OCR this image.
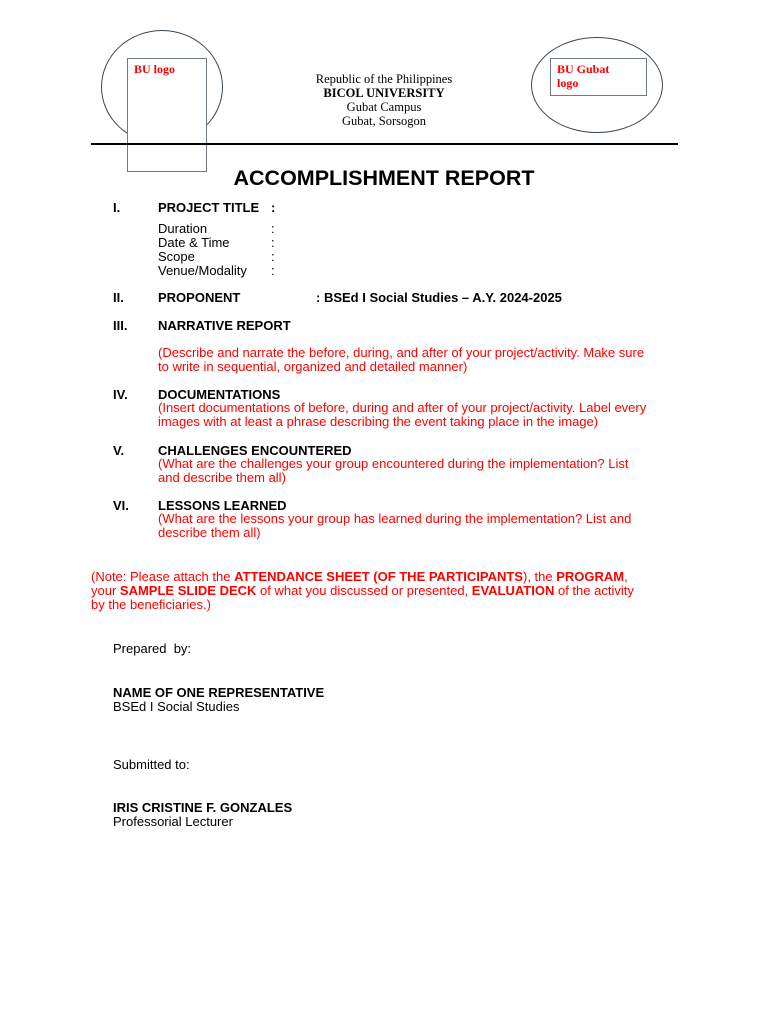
BU logo	BU Gubat logo
Republic of the Philippines
BICOL UNIVERSITY
Gubat Campus
Gubat, Sorsogon
ACCOMPLISHMENT REPORT
I.	PROJECT TITLE :
Duration	:
Date & Time	:
Scope	:
Venue/Modality :
II.	PROPONENT	: BSEd I Social Studies – A.Y. 2024-2025
III. NARRATIVE REPORT
(Describe and narrate the before, during, and after of your project/activity. Make sure
to write in sequential, organized and detailed manner)
IV. DOCUMENTATIONS
(Insert documentations of before, during and after of your project/activity. Label every
images with at least a phrase describing the event taking place in the image)
V.	CHALLENGES ENCOUNTERED
(What are the challenges your group encountered during the implementation? List
and describe them all)
VI. LESSONS LEARNED
(What are the lessons your group has learned during the implementation? List and
describe them all)
(Note: Please attach the ATTENDANCE SHEET (OF THE PARTICIPANTS), the PROGRAM,
your SAMPLE SLIDE DECK of what you discussed or presented, EVALUATION of the activity
by the beneficiaries.)
Prepared  by:
NAME OF ONE REPRESENTATIVE
BSEd I Social Studies
Submitted to:
IRIS CRISTINE F. GONZALES
Professorial Lecturer
